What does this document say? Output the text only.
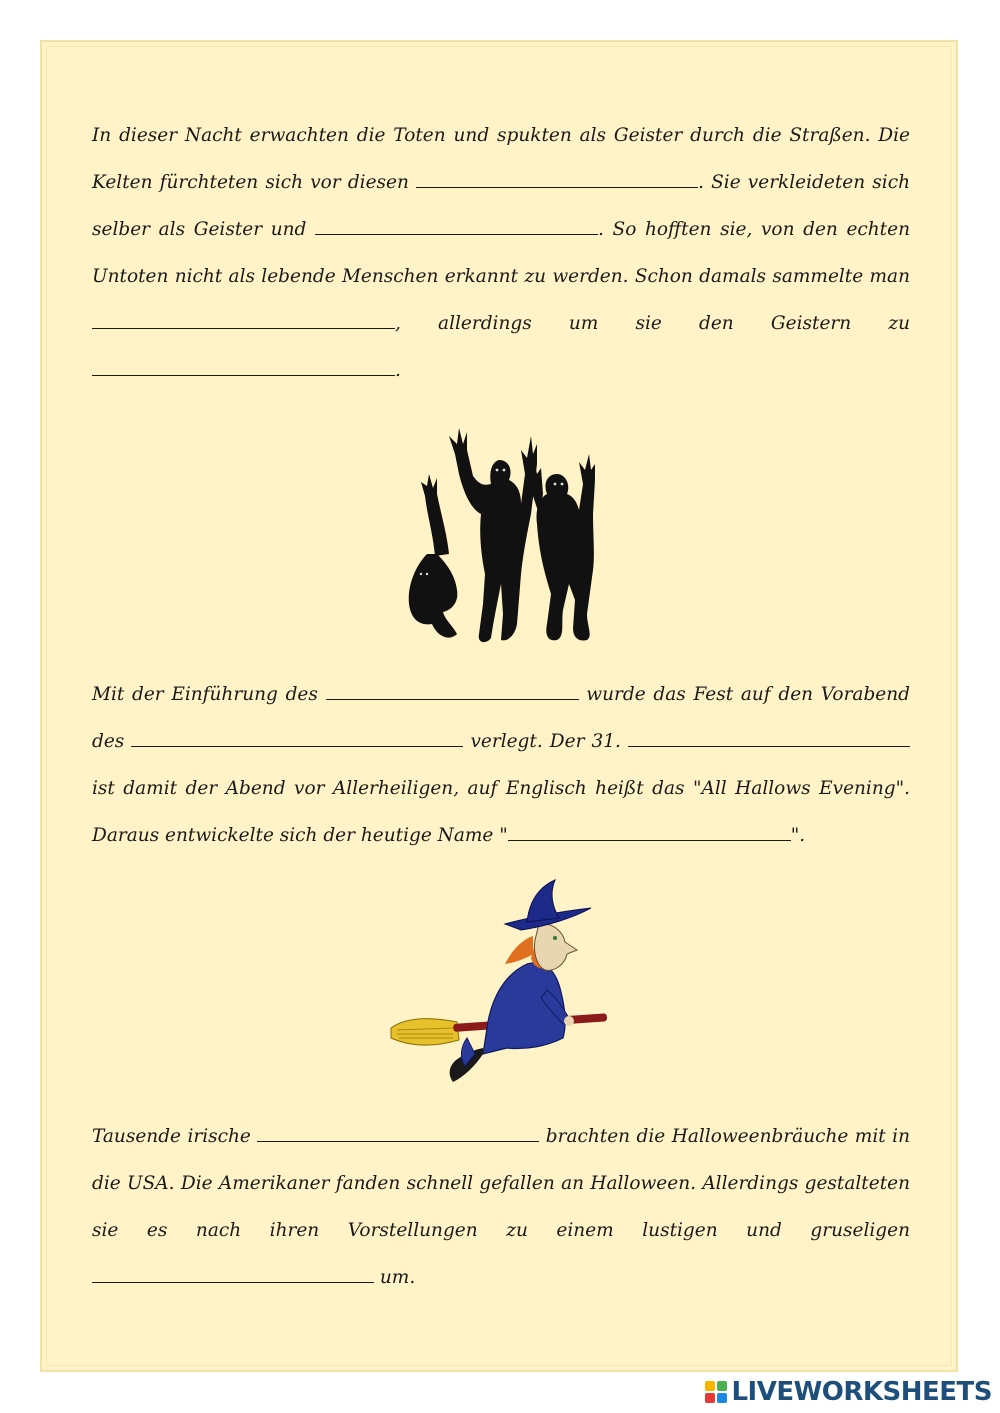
In dieser Nacht erwachten die Toten und spukten als Geister durch die Straßen. Die
Kelten fürchteten sich vor diesen	. Sie verkleideten sich
selber als Geister und	. So hofften sie, von den echten
Untoten nicht als lebende Menschen erkannt zu werden. Schon damals sammelte man
, allerdings um sie den Geistern zu
.
Mit der Einführung des	wurde das Fest auf den Vorabend
des	verlegt. Der 31.
ist damit der Abend vor Allerheiligen, auf Englisch heißt das "All Hallows Evening".
Daraus entwickelte sich der heutige Name "	".
Tausende irische	brachten die Halloweenbräuche mit in
die USA. Die Amerikaner fanden schnell gefallen an Halloween. Allerdings gestalteten
sie es nach ihren Vorstellungen zu einem lustigen und gruseligen
um.
LIVEWORKSHEETS
